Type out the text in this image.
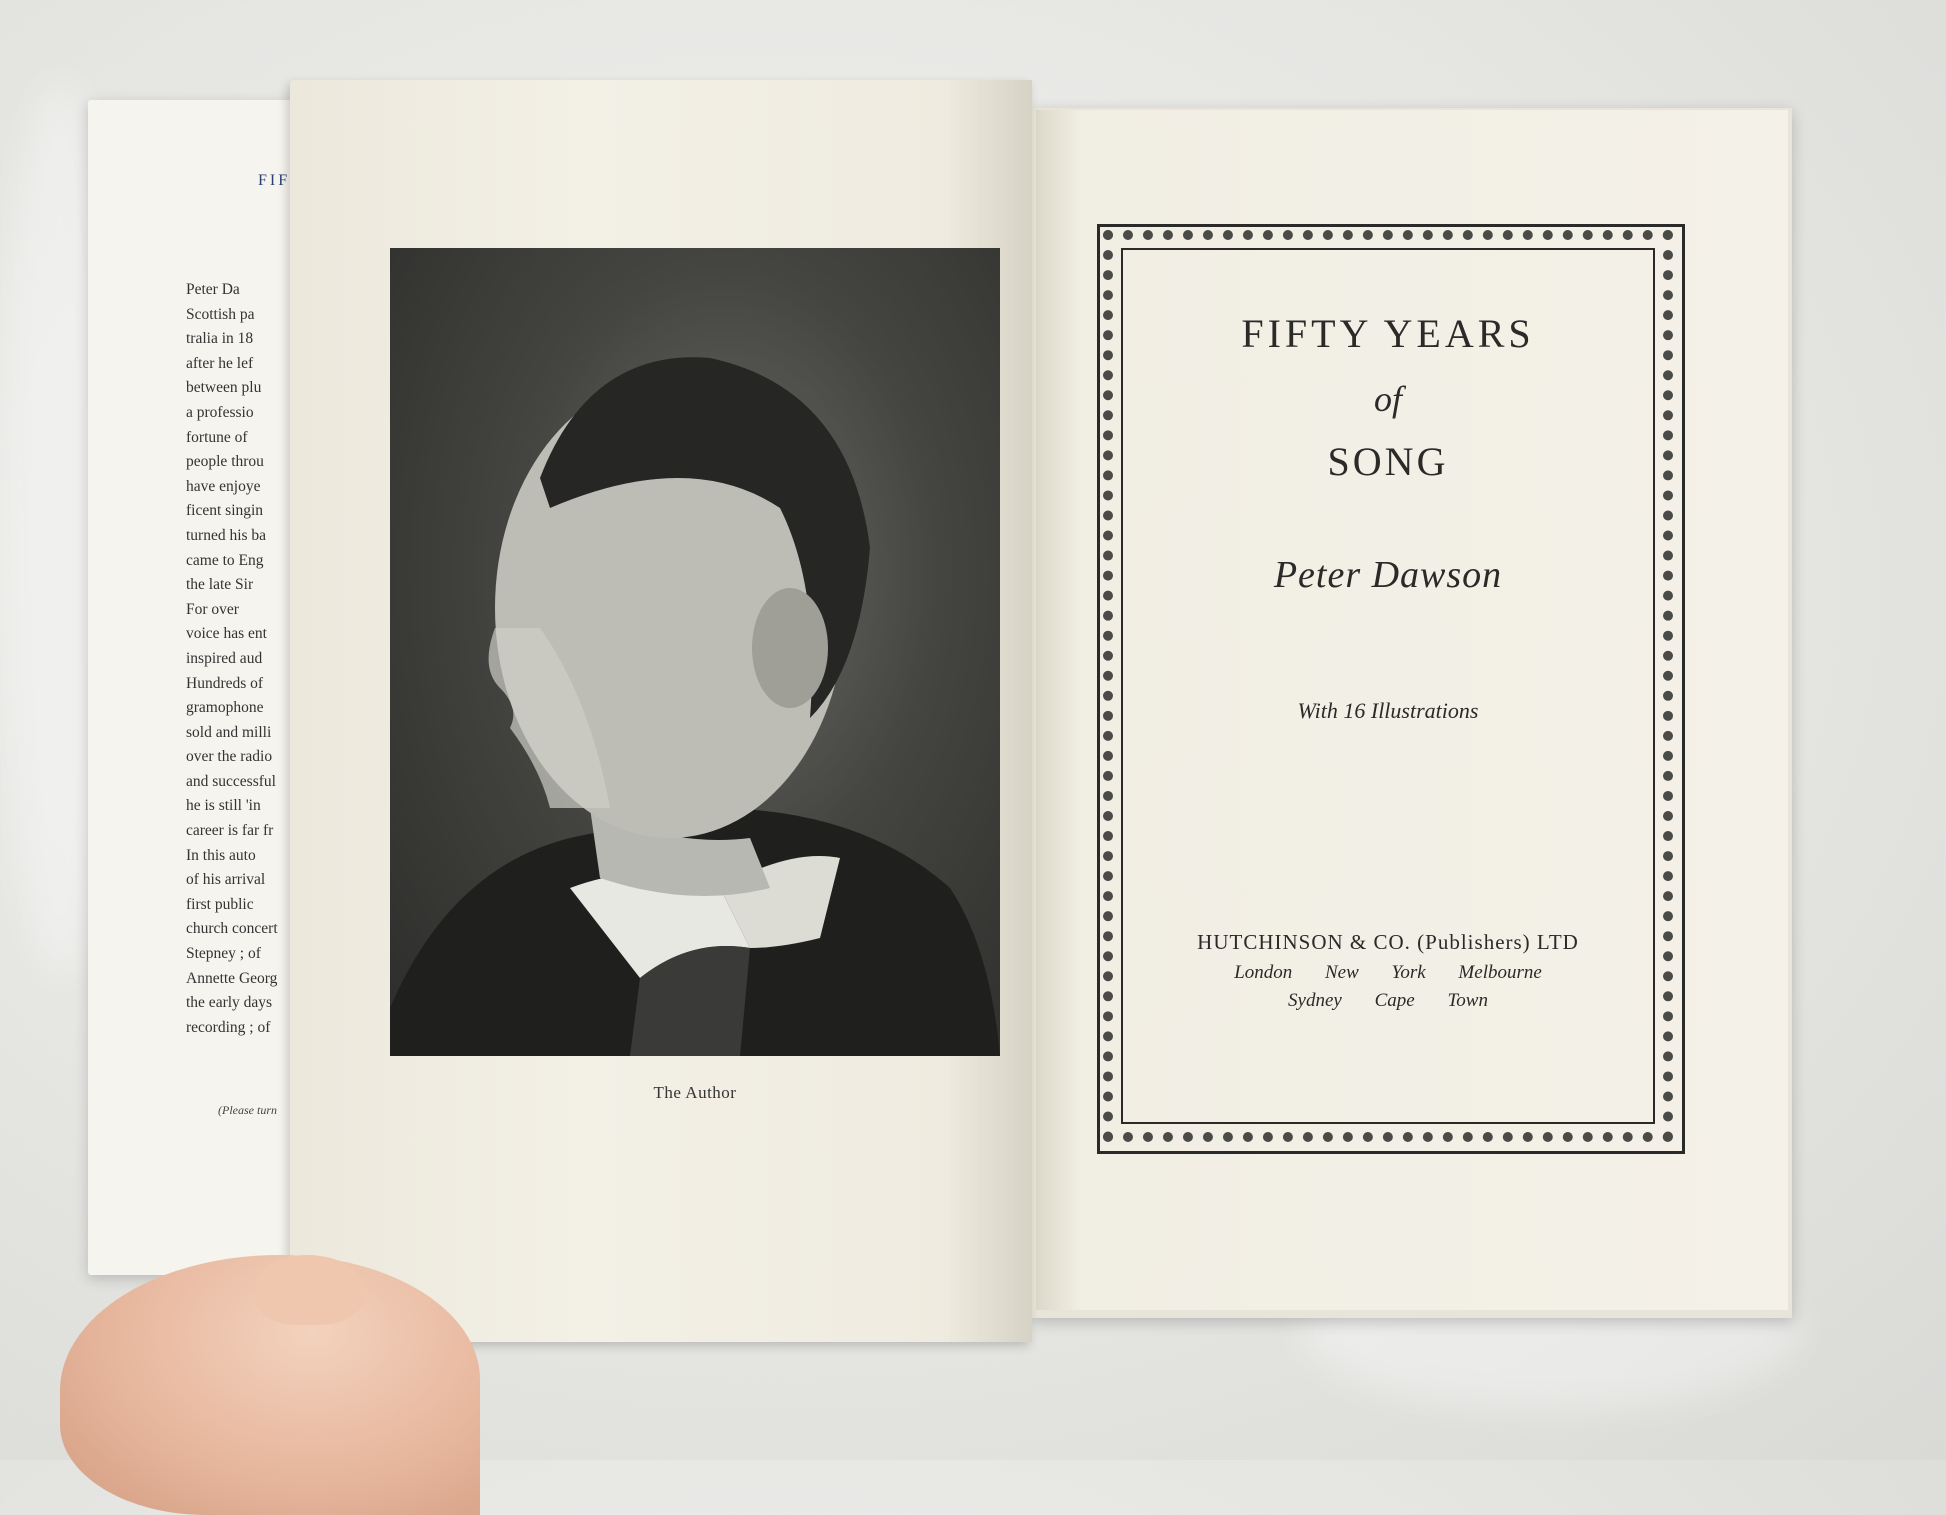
FIF
Peter Da
Scottish pa
tralia in 18
after he lef
between plu
a professio
fortune of
people throu
have enjoye
ficent singin
turned his ba
came to Eng
the late Sir
For over
voice has ent
inspired aud
Hundreds of
gramophone
sold and milli
over the radio
and successful
he is still 'in
career is far fr
In this auto
of his arrival
first public
church concert
Stepney ; of
Annette Georg
the early days
recording ; of
(Please turn
FIFTY YEARS
of
SONG
Peter Dawson
With 16 Illustrations
HUTCHINSON & CO. (Publishers) LTD
London New York Melbourne
Sydney Cape Town
The Author
